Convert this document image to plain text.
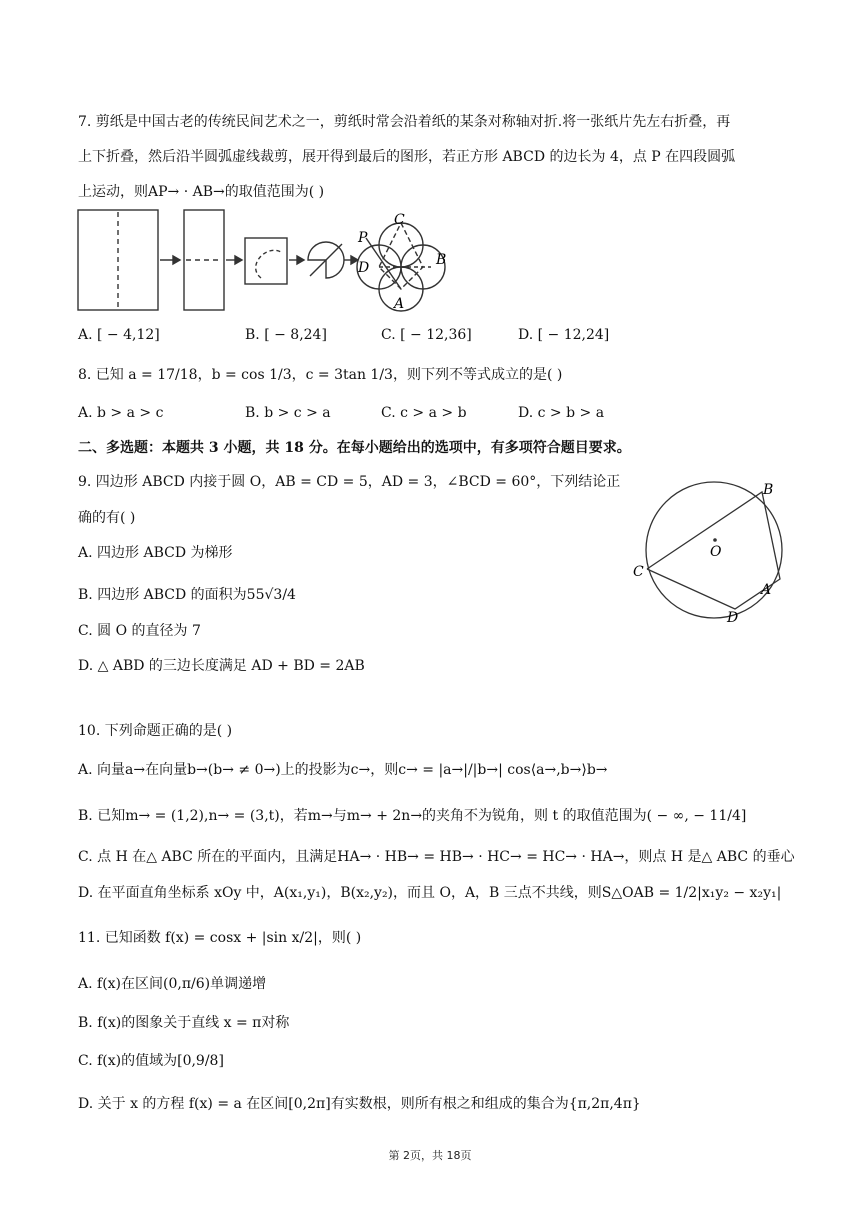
7. 剪纸是中国古老的传统民间艺术之一，剪纸时常会沿着纸的某条对称轴对折.将一张纸片先左右折叠，再
上下折叠，然后沿半圆弧虚线裁剪，展开得到最后的图形，若正方形 ABCD 的边长为 4，点 P 在四段圆弧
上运动，则AP→ · AB→的取值范围为( )
C
P
D	B
A
A. [ − 4,12]	B. [ − 8,24]	C. [ − 12,36]	D. [ − 12,24]
8. 已知 a = 17/18，b = cos 1/3，c = 3tan 1/3，则下列不等式成立的是( )
A. b > a > c	B. b > c > a	C. c > a > b	D. c > b > a
二、多选题：本题共 3 小题，共 18 分。在每小题给出的选项中，有多项符合题目要求。
9. 四边形 ABCD 内接于圆 O，AB = CD = 5，AD = 3，∠BCD = 60°，下列结论正
确的有( )
A. 四边形 ABCD 为梯形
B. 四边形 ABCD 的面积为55√3/4
C. 圆 O 的直径为 7
D. △ ABD 的三边长度满足 AD + BD = 2AB
B
O
C
A
D
10. 下列命题正确的是( )
A. 向量a→在向量b→(b→ ≠ 0→)上的投影为c→，则c→ = |a→|/|b→| cos⟨a→,b→⟩b→
B. 已知m→ = (1,2),n→ = (3,t)，若m→与m→ + 2n→的夹角不为锐角，则 t 的取值范围为( − ∞, − 11/4]
C. 点 H 在△ ABC 所在的平面内，且满足HA→ · HB→ = HB→ · HC→ = HC→ · HA→，则点 H 是△ ABC 的垂心
D. 在平面直角坐标系 xOy 中，A(x₁,y₁)，B(x₂,y₂)，而且 O，A，B 三点不共线，则S△OAB = 1/2|x₁y₂ − x₂y₁|
11. 已知函数 f(x) = cosx + |sin x/2|，则( )
A. f(x)在区间(0,π/6)单调递增
B. f(x)的图象关于直线 x = π对称
C. f(x)的值域为[0,9/8]
D. 关于 x 的方程 f(x) = a 在区间[0,2π]有实数根，则所有根之和组成的集合为{π,2π,4π}
第 2页，共 18页
